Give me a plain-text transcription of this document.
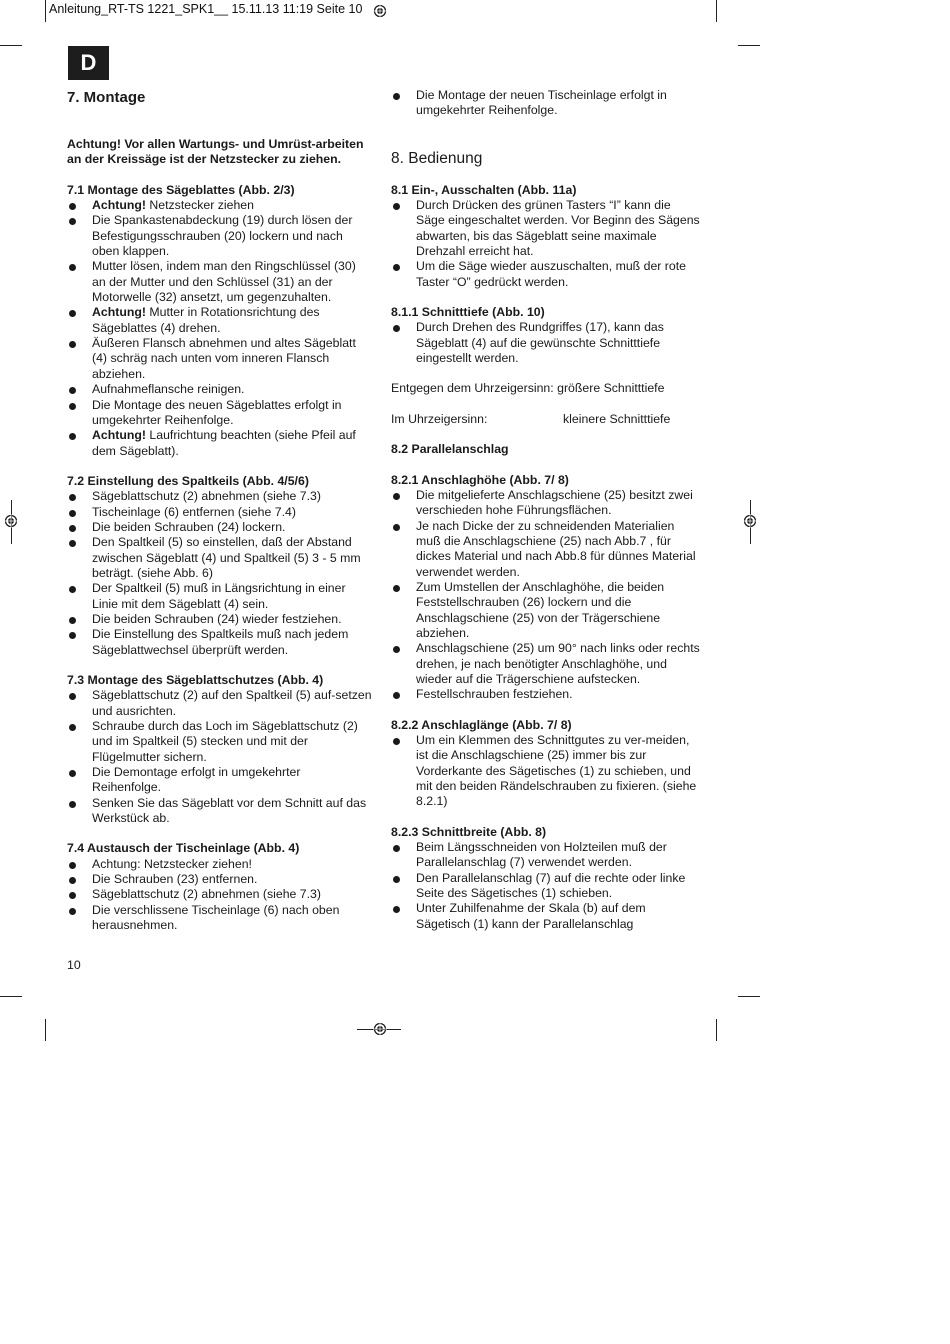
Anleitung_RT-TS 1221_SPK1__ 15.11.13 11:19 Seite 10
D
7. Montage

Achtung! Vor allen Wartungs- und Umrüst-arbeiten an der Kreissäge ist der Netzstecker zu ziehen.

7.1 Montage des Sägeblattes (Abb. 2/3)

Achtung! Netzstecker ziehen
Die Spankastenabdeckung (19) durch lösen der Befestigungsschrauben (20) lockern und nach oben klappen.
Mutter lösen, indem man den Ringschlüssel (30) an der Mutter und den Schlüssel (31) an der Motorwelle (32) ansetzt, um gegenzuhalten.
Achtung! Mutter in Rotationsrichtung des Sägeblattes (4) drehen.
Äußeren Flansch abnehmen und altes Sägeblatt (4) schräg nach unten vom inneren Flansch abziehen.
Aufnahmeflansche reinigen.
Die Montage des neuen Sägeblattes erfolgt in umgekehrter Reihenfolge.
Achtung! Laufrichtung beachten (siehe Pfeil auf dem Sägeblatt).

7.2 Einstellung des Spaltkeils (Abb. 4/5/6)

Sägeblattschutz (2) abnehmen (siehe 7.3)
Tischeinlage (6) entfernen (siehe 7.4)
Die beiden Schrauben (24) lockern.
Den Spaltkeil (5) so einstellen, daß der Abstand zwischen Sägeblatt (4) und Spaltkeil (5) 3 - 5 mm beträgt. (siehe Abb. 6)
Der Spaltkeil (5) muß in Längsrichtung in einer Linie mit dem Sägeblatt (4) sein.
Die beiden Schrauben (24) wieder festziehen.
Die Einstellung des Spaltkeils muß nach jedem Sägeblattwechsel überprüft werden.

7.3 Montage des Sägeblattschutzes (Abb. 4)

Sägeblattschutz (2) auf den Spaltkeil (5) auf-setzen und ausrichten.
Schraube durch das Loch im Sägeblattschutz (2) und im Spaltkeil (5) stecken und mit der Flügelmutter sichern.
Die Demontage erfolgt in umgekehrter Reihenfolge.
Senken Sie das Sägeblatt vor dem Schnitt auf das Werkstück ab.

7.4 Austausch der Tischeinlage (Abb. 4)

Achtung: Netzstecker ziehen!
Die Schrauben (23) entfernen.
Sägeblattschutz (2) abnehmen (siehe 7.3)
Die verschlissene Tischeinlage (6) nach oben herausnehmen.
Die Montage der neuen Tischeinlage erfolgt in umgekehrter Reihenfolge.
8. Bedienung

8.1 Ein-, Ausschalten (Abb. 11a)

Durch Drücken des grünen Tasters “I” kann die Säge eingeschaltet werden. Vor Beginn des Sägens abwarten, bis das Sägeblatt seine maximale Drehzahl erreicht hat.
Um die Säge wieder auszuschalten, muß der rote Taster “O” gedrückt werden.

8.1.1 Schnitttiefe (Abb. 10)

Durch Drehen des Rundgriffes (17), kann das Sägeblatt (4) auf die gewünschte Schnitttiefe eingestellt werden.

Entgegen dem Uhrzeigersinn: größere Schnitttiefe

Im Uhrzeigersinn:	kleinere Schnitttiefe

8.2 Parallelanschlag

8.2.1 Anschlaghöhe (Abb. 7/ 8)

Die mitgelieferte Anschlagschiene (25) besitzt zwei verschieden hohe Führungsflächen.
Je nach Dicke der zu schneidenden Materialien muß die Anschlagschiene (25) nach Abb.7 , für dickes Material und nach Abb.8 für dünnes Material verwendet werden.
Zum Umstellen der Anschlaghöhe, die beiden Feststellschrauben (26) lockern und die Anschlagschiene (25) von der Trägerschiene abziehen.
Anschlagschiene (25) um 90° nach links oder rechts drehen, je nach benötigter Anschlaghöhe, und wieder auf die Trägerschiene aufstecken.
Festellschrauben festziehen.

8.2.2 Anschlaglänge (Abb. 7/ 8)

Um ein Klemmen des Schnittgutes zu ver-meiden, ist die Anschlagschiene (25) immer bis zur Vorderkante des Sägetisches (1) zu schieben, und mit den beiden Rändelschrauben zu fixieren. (siehe 8.2.1)

8.2.3 Schnittbreite (Abb. 8)

Beim Längsschneiden von Holzteilen muß der Parallelanschlag (7) verwendet werden.
Den Parallelanschlag (7) auf die rechte oder linke Seite des Sägetisches (1) schieben.
Unter Zuhilfenahme der Skala (b) auf dem Sägetisch (1) kann der Parallelanschlag
10
